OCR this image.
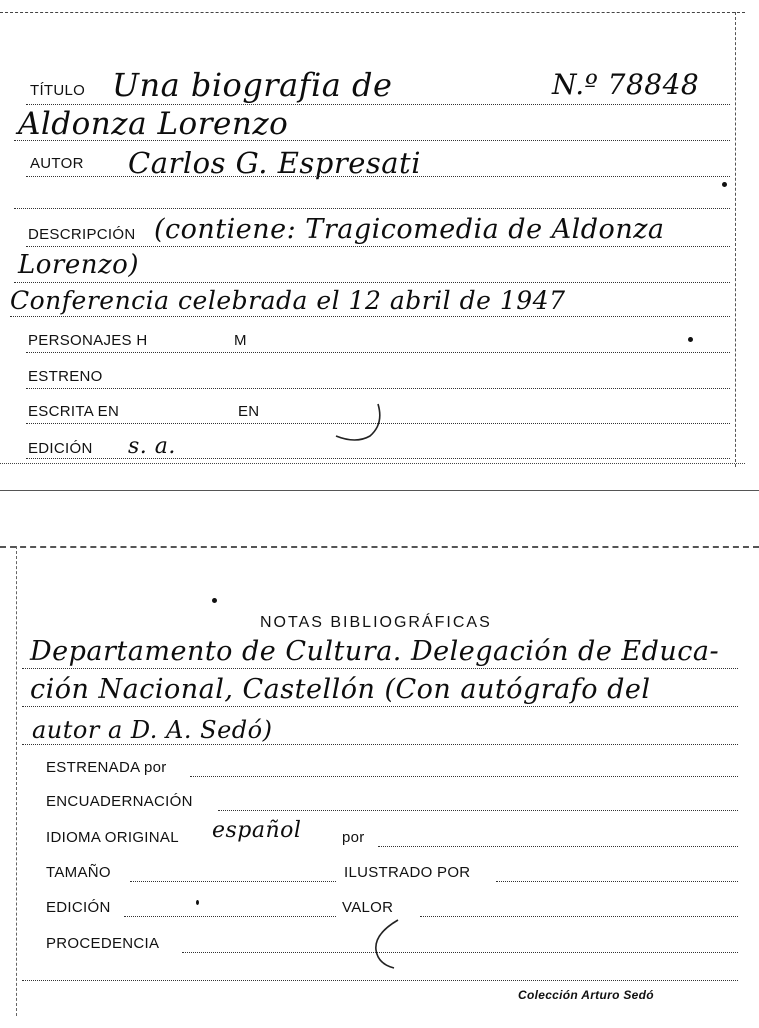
TÍTULO Una biografia de	N.º 78848
Aldonza Lorenzo
AUTOR Carlos G. Espresati
DESCRIPCIÓN (contiene: Tragicomedia de Aldonza
Lorenzo)
Conferencia celebrada el 12 abril de 1947
PERSONAJES H	M
ESTRENO
ESCRITA EN	EN
EDICIÓN s. a.
NOTAS BIBLIOGRÁFICAS
Departamento de Cultura. Delegación de Educa-
ción Nacional, Castellón (Con autógrafo del
autor a D. A. Sedó)
ESTRENADA por
ENCUADERNACIÓN
IDIOMA ORIGINAL español	por
TAMAÑO	ILUSTRADO POR
EDICIÓN	VALOR
PROCEDENCIA
Colección Arturo Sedó
